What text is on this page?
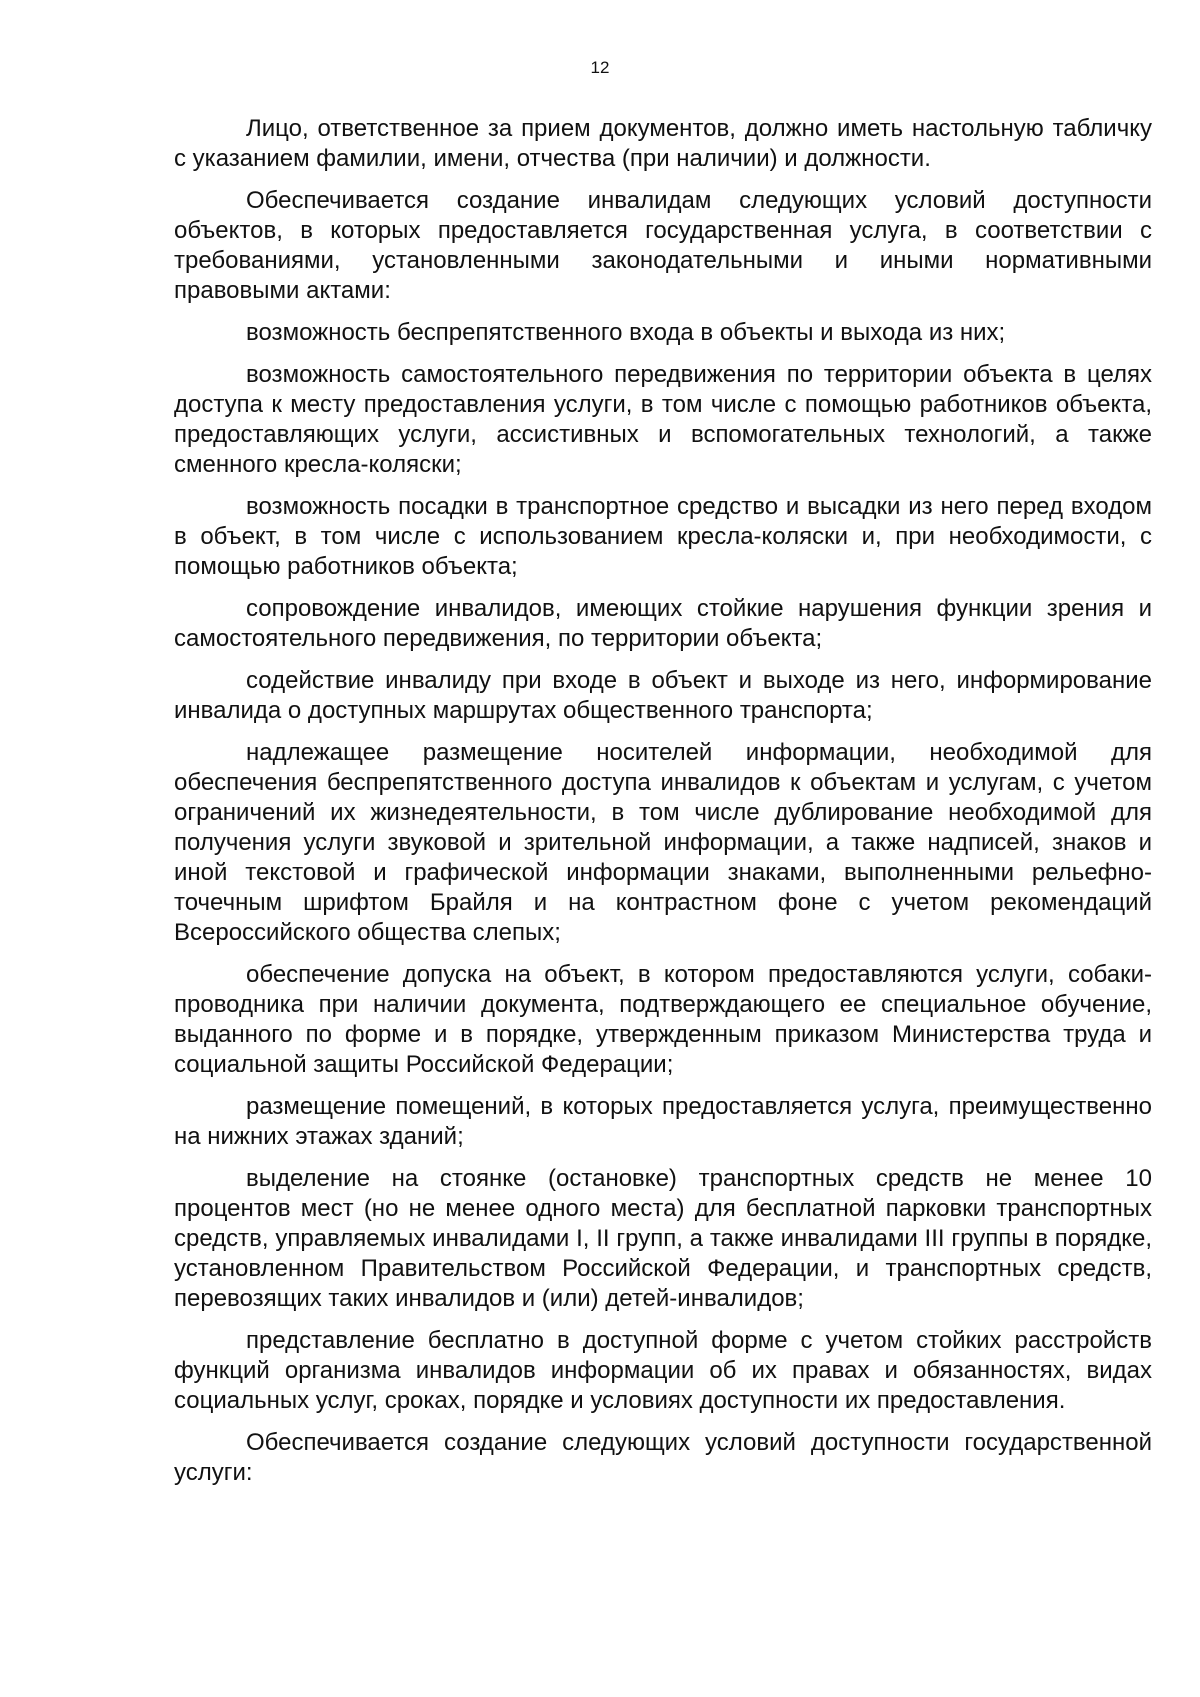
12

Лицо, ответственное за прием документов, должно иметь настольную табличку с указанием фамилии, имени, отчества (при наличии) и должности.

Обеспечивается создание инвалидам следующих условий доступности объектов, в которых предоставляется государственная услуга, в соответствии с требованиями, установленными законодательными и иными нормативными правовыми актами:

возможность беспрепятственного входа в объекты и выхода из них;

возможность самостоятельного передвижения по территории объекта в целях доступа к месту предоставления услуги, в том числе с помощью работников объекта, предоставляющих услуги, ассистивных и вспомогательных технологий, а также сменного кресла-коляски;

возможность посадки в транспортное средство и высадки из него перед входом в объект, в том числе с использованием кресла-коляски и, при необходимости, с помощью работников объекта;

сопровождение инвалидов, имеющих стойкие нарушения функции зрения и самостоятельного передвижения, по территории объекта;

содействие инвалиду при входе в объект и выходе из него, информирование инвалида о доступных маршрутах общественного транспорта;

надлежащее размещение носителей информации, необходимой для обеспечения беспрепятственного доступа инвалидов к объектам и услугам, с учетом ограничений их жизнедеятельности, в том числе дублирование необходимой для получения услуги звуковой и зрительной информации, а также надписей, знаков и иной текстовой и графической информации знаками, выполненными рельефно-точечным шрифтом Брайля и на контрастном фоне с учетом рекомендаций Всероссийского общества слепых;

обеспечение допуска на объект, в котором предоставляются услуги, собаки-проводника при наличии документа, подтверждающего ее специальное обучение, выданного по форме и в порядке, утвержденным приказом Министерства труда и социальной защиты Российской Федерации;

размещение помещений, в которых предоставляется услуга, преимущественно на нижних этажах зданий;

выделение на стоянке (остановке) транспортных средств не менее 10 процентов мест (но не менее одного места) для бесплатной парковки транспортных средств, управляемых инвалидами I, II групп, а также инвалидами III группы в порядке, установленном Правительством Российской Федерации, и транспортных средств, перевозящих таких инвалидов и (или) детей-инвалидов;

представление бесплатно в доступной форме с учетом стойких расстройств функций организма инвалидов информации об их правах и обязанностях, видах социальных услуг, сроках, порядке и условиях доступности их предоставления.

Обеспечивается создание следующих условий доступности государственной услуги:
